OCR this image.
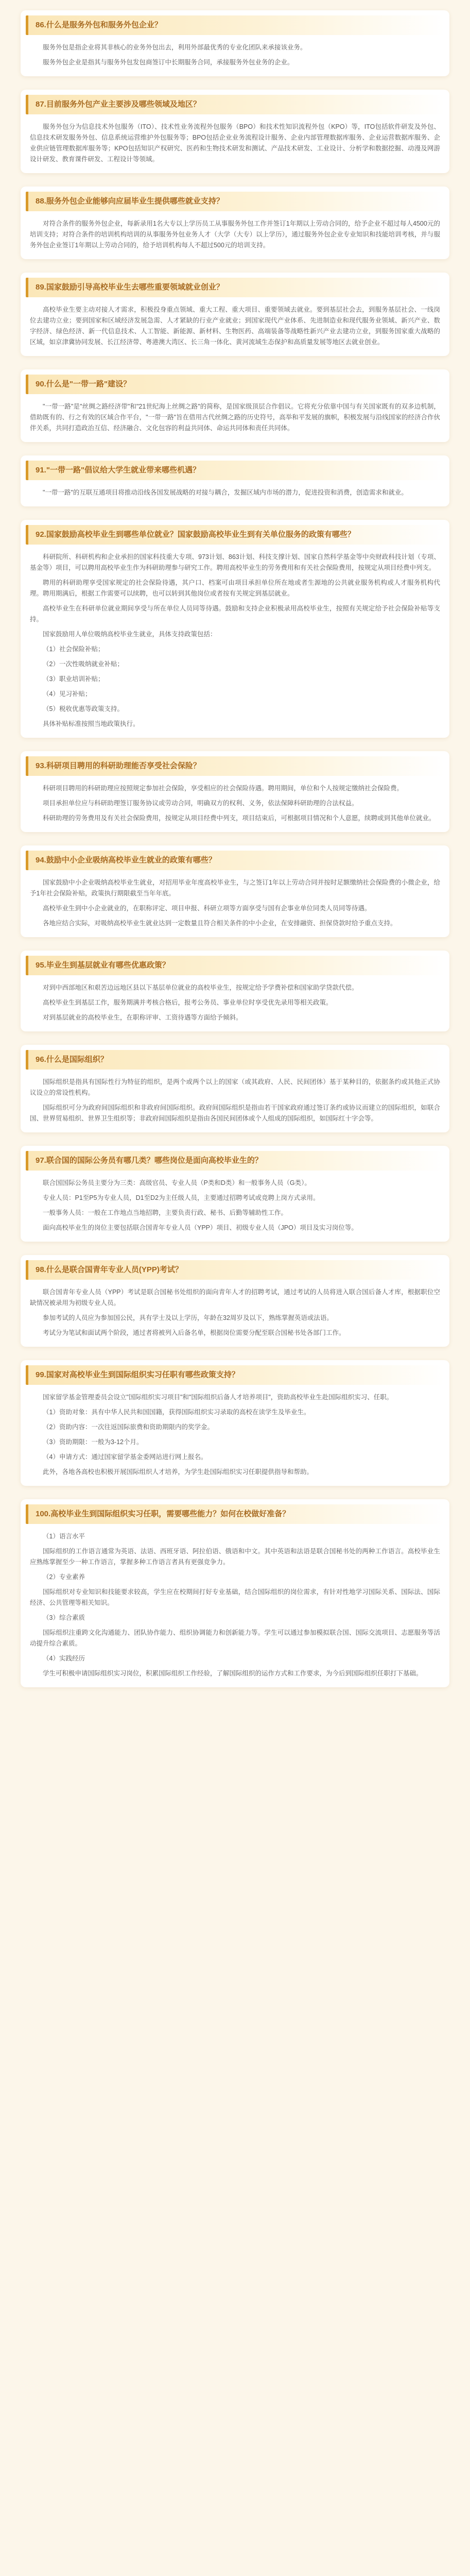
86.什么是服务外包和服务外包企业？

服务外包是指企业将其非核心的业务外包出去，利用外部最优秀的专业化团队来承接该业务。

服务外包企业是指其与服务外包发包商签订中长期服务合同，承接服务外包业务的企业。

87.目前服务外包产业主要涉及哪些领域及地区？

服务外包分为信息技术外包服务（ITO）、技术性业务流程外包服务（BPO）和技术性知识流程外包（KPO）等，ITO包括软件研发及外包、信息技术研发服务外包、信息系统运营维护外包服务等；BPO包括企业业务流程设计服务、企业内部管理数据库服务、企业运营数据库服务、企业供应链管理数据库服务等；KPO包括知识产权研究、医药和生物技术研发和测试、产品技术研发、工业设计、分析学和数据挖掘、动漫及网游设计研发、教育课件研发、工程设计等领域。

88.服务外包企业能够向应届毕业生提供哪些就业支持？

对符合条件的服务外包企业，每新录用1名大专以上学历员工从事服务外包工作并签订1年期以上劳动合同的，给予企业不超过每人4500元的培训支持；对符合条件的培训机构培训的从事服务外包业务人才（大学（大专）以上学历），通过服务外包企业专业知识和技能培训考核，并与服务外包企业签订1年期以上劳动合同的，给予培训机构每人不超过500元的培训支持。

89.国家鼓励引导高校毕业生去哪些重要领域就业创业？

高校毕业生要主动对接人才需求，积极投身重点领域、重大工程、重大项目、重要领域去就业。要到基层社会去，到服务基层社会、一线岗位去建功立业；要到国家和区域经济发展急需、人才紧缺的行业产业就业；到国家现代产业体系、先进制造业和现代服务业领域、新兴产业、数字经济、绿色经济、新一代信息技术、人工智能、新能源、新材料、生物医药、高端装备等战略性新兴产业去建功立业，到服务国家重大战略的区域，如京津冀协同发展、长江经济带、粤港澳大湾区、长三角一体化、黄河流域生态保护和高质量发展等地区去就业创业。

90.什么是"一带一路"建设？

"一带一路"是"丝绸之路经济带"和"21世纪海上丝绸之路"的简称，是国家级顶层合作倡议。它将充分依靠中国与有关国家既有的双多边机制，借助既有的、行之有效的区域合作平台，"一带一路"旨在借用古代丝绸之路的历史符号，高举和平发展的旗帜，积极发展与沿线国家的经济合作伙伴关系，共同打造政治互信、经济融合、文化包容的利益共同体、命运共同体和责任共同体。

91."一带一路"倡议给大学生就业带来哪些机遇？

"一带一路"的互联互通项目将推动沿线各国发展战略的对接与耦合，发掘区域内市场的潜力，促进投资和消费，创造需求和就业。

92.国家鼓励高校毕业生到哪些单位就业？国家鼓励高校毕业生到有关单位服务的政策有哪些？

科研院所、科研机构和企业承担的国家科技重大专项、973计划、863计划、科技支撑计划、国家自然科学基金等中央财政科技计划（专项、基金等）项目，可以聘用高校毕业生作为科研助理参与研究工作。聘用高校毕业生的劳务费用和有关社会保险费用，按规定从项目经费中列支。

聘用的科研助理享受国家规定的社会保险待遇，其户口、档案可由项目承担单位所在地或者生源地的公共就业服务机构或人才服务机构代理。聘用期满后，根据工作需要可以续聘，也可以转到其他岗位或者按有关规定到基层就业。

高校毕业生在科研单位就业期间享受与所在单位人员同等待遇。鼓励和支持企业积极录用高校毕业生，按照有关规定给予社会保险补贴等支持。

国家鼓励用人单位吸纳高校毕业生就业，具体支持政策包括：

（1）社会保险补贴；

（2）一次性吸纳就业补贴；

（3）职业培训补贴；

（4）见习补贴；

（5）税收优惠等政策支持。

具体补贴标准按照当地政策执行。

93.科研项目聘用的科研助理能否享受社会保险？

科研项目聘用的科研助理应按照规定参加社会保险，享受相应的社会保险待遇。聘用期间，单位和个人按规定缴纳社会保险费。

项目承担单位应与科研助理签订服务协议或劳动合同，明确双方的权利、义务，依法保障科研助理的合法权益。

科研助理的劳务费用及有关社会保险费用，按规定从项目经费中列支，项目结束后，可根据项目情况和个人意愿，续聘或到其他单位就业。

94.鼓励中小企业吸纳高校毕业生就业的政策有哪些？

国家鼓励中小企业吸纳高校毕业生就业，对招用毕业年度高校毕业生，与之签订1年以上劳动合同并按时足额缴纳社会保险费的小微企业，给予1年社会保险补贴，政策执行期限截至当年年底。

高校毕业生到中小企业就业的，在职称评定、项目申报、科研立项等方面享受与国有企事业单位同类人员同等待遇。

各地应结合实际，对吸纳高校毕业生就业达到一定数量且符合相关条件的中小企业，在安排融资、担保贷款时给予重点支持。

95.毕业生到基层就业有哪些优惠政策？

对到中西部地区和艰苦边远地区县以下基层单位就业的高校毕业生，按规定给予学费补偿和国家助学贷款代偿。

高校毕业生到基层工作，服务期满并考核合格后，报考公务员、事业单位时享受优先录用等相关政策。

对到基层就业的高校毕业生，在职称评审、工资待遇等方面给予倾斜。

96.什么是国际组织？

国际组织是指具有国际性行为特征的组织，是两个或两个以上的国家（或其政府、人民、民间团体）基于某种目的，依据条约或其他正式协议设立的常设性机构。

国际组织可分为政府间国际组织和非政府间国际组织。政府间国际组织是指由若干国家政府通过签订条约或协议而建立的国际组织，如联合国、世界贸易组织、世界卫生组织等；非政府间国际组织是指由各国民间团体或个人组成的国际组织，如国际红十字会等。

97.联合国的国际公务员有哪几类？哪些岗位是面向高校毕业生的？

联合国国际公务员主要分为三类：高级官员、专业人员（P类和D类）和一般事务人员（G类）。

专业人员：P1至P5为专业人员，D1至D2为主任级人员，主要通过招聘考试或竞聘上岗方式录用。

一般事务人员：一般在工作地点当地招聘，主要负责行政、秘书、后勤等辅助性工作。

面向高校毕业生的岗位主要包括联合国青年专业人员（YPP）项目、初级专业人员（JPO）项目及实习岗位等。

98.什么是联合国青年专业人员(YPP)考试？

联合国青年专业人员（YPP）考试是联合国秘书处组织的面向青年人才的招聘考试，通过考试的人员将进入联合国后备人才库，根据职位空缺情况被录用为初级专业人员。

参加考试的人员应为参加国公民，具有学士及以上学历，年龄在32周岁及以下，熟练掌握英语或法语。

考试分为笔试和面试两个阶段，通过者将被列入后备名单，根据岗位需要分配至联合国秘书处各部门工作。

99.国家对高校毕业生到国际组织实习任职有哪些政策支持？

国家留学基金管理委员会设立"国际组织实习项目"和"国际组织后备人才培养项目"，资助高校毕业生赴国际组织实习、任职。

（1）资助对象：具有中华人民共和国国籍，获得国际组织实习录取的高校在读学生及毕业生。

（2）资助内容：一次往返国际旅费和资助期限内的奖学金。

（3）资助期限：一般为3-12个月。

（4）申请方式：通过国家留学基金委网站进行网上报名。

此外，各地各高校也积极开展国际组织人才培养，为学生赴国际组织实习任职提供指导和帮助。

100.高校毕业生到国际组织实习任职，需要哪些能力？如何在校做好准备？

（1）语言水平

国际组织的工作语言通常为英语、法语、西班牙语、阿拉伯语、俄语和中文。其中英语和法语是联合国秘书处的两种工作语言。高校毕业生应熟练掌握至少一种工作语言，掌握多种工作语言者具有更强竞争力。

（2）专业素养

国际组织对专业知识和技能要求较高，学生应在校期间打好专业基础，结合国际组织的岗位需求，有针对性地学习国际关系、国际法、国际经济、公共管理等相关知识。

（3）综合素质

国际组织注重跨文化沟通能力、团队协作能力、组织协调能力和创新能力等。学生可以通过参加模拟联合国、国际交流项目、志愿服务等活动提升综合素质。

（4）实践经历

学生可积极申请国际组织实习岗位，积累国际组织工作经验，了解国际组织的运作方式和工作要求，为今后到国际组织任职打下基础。
